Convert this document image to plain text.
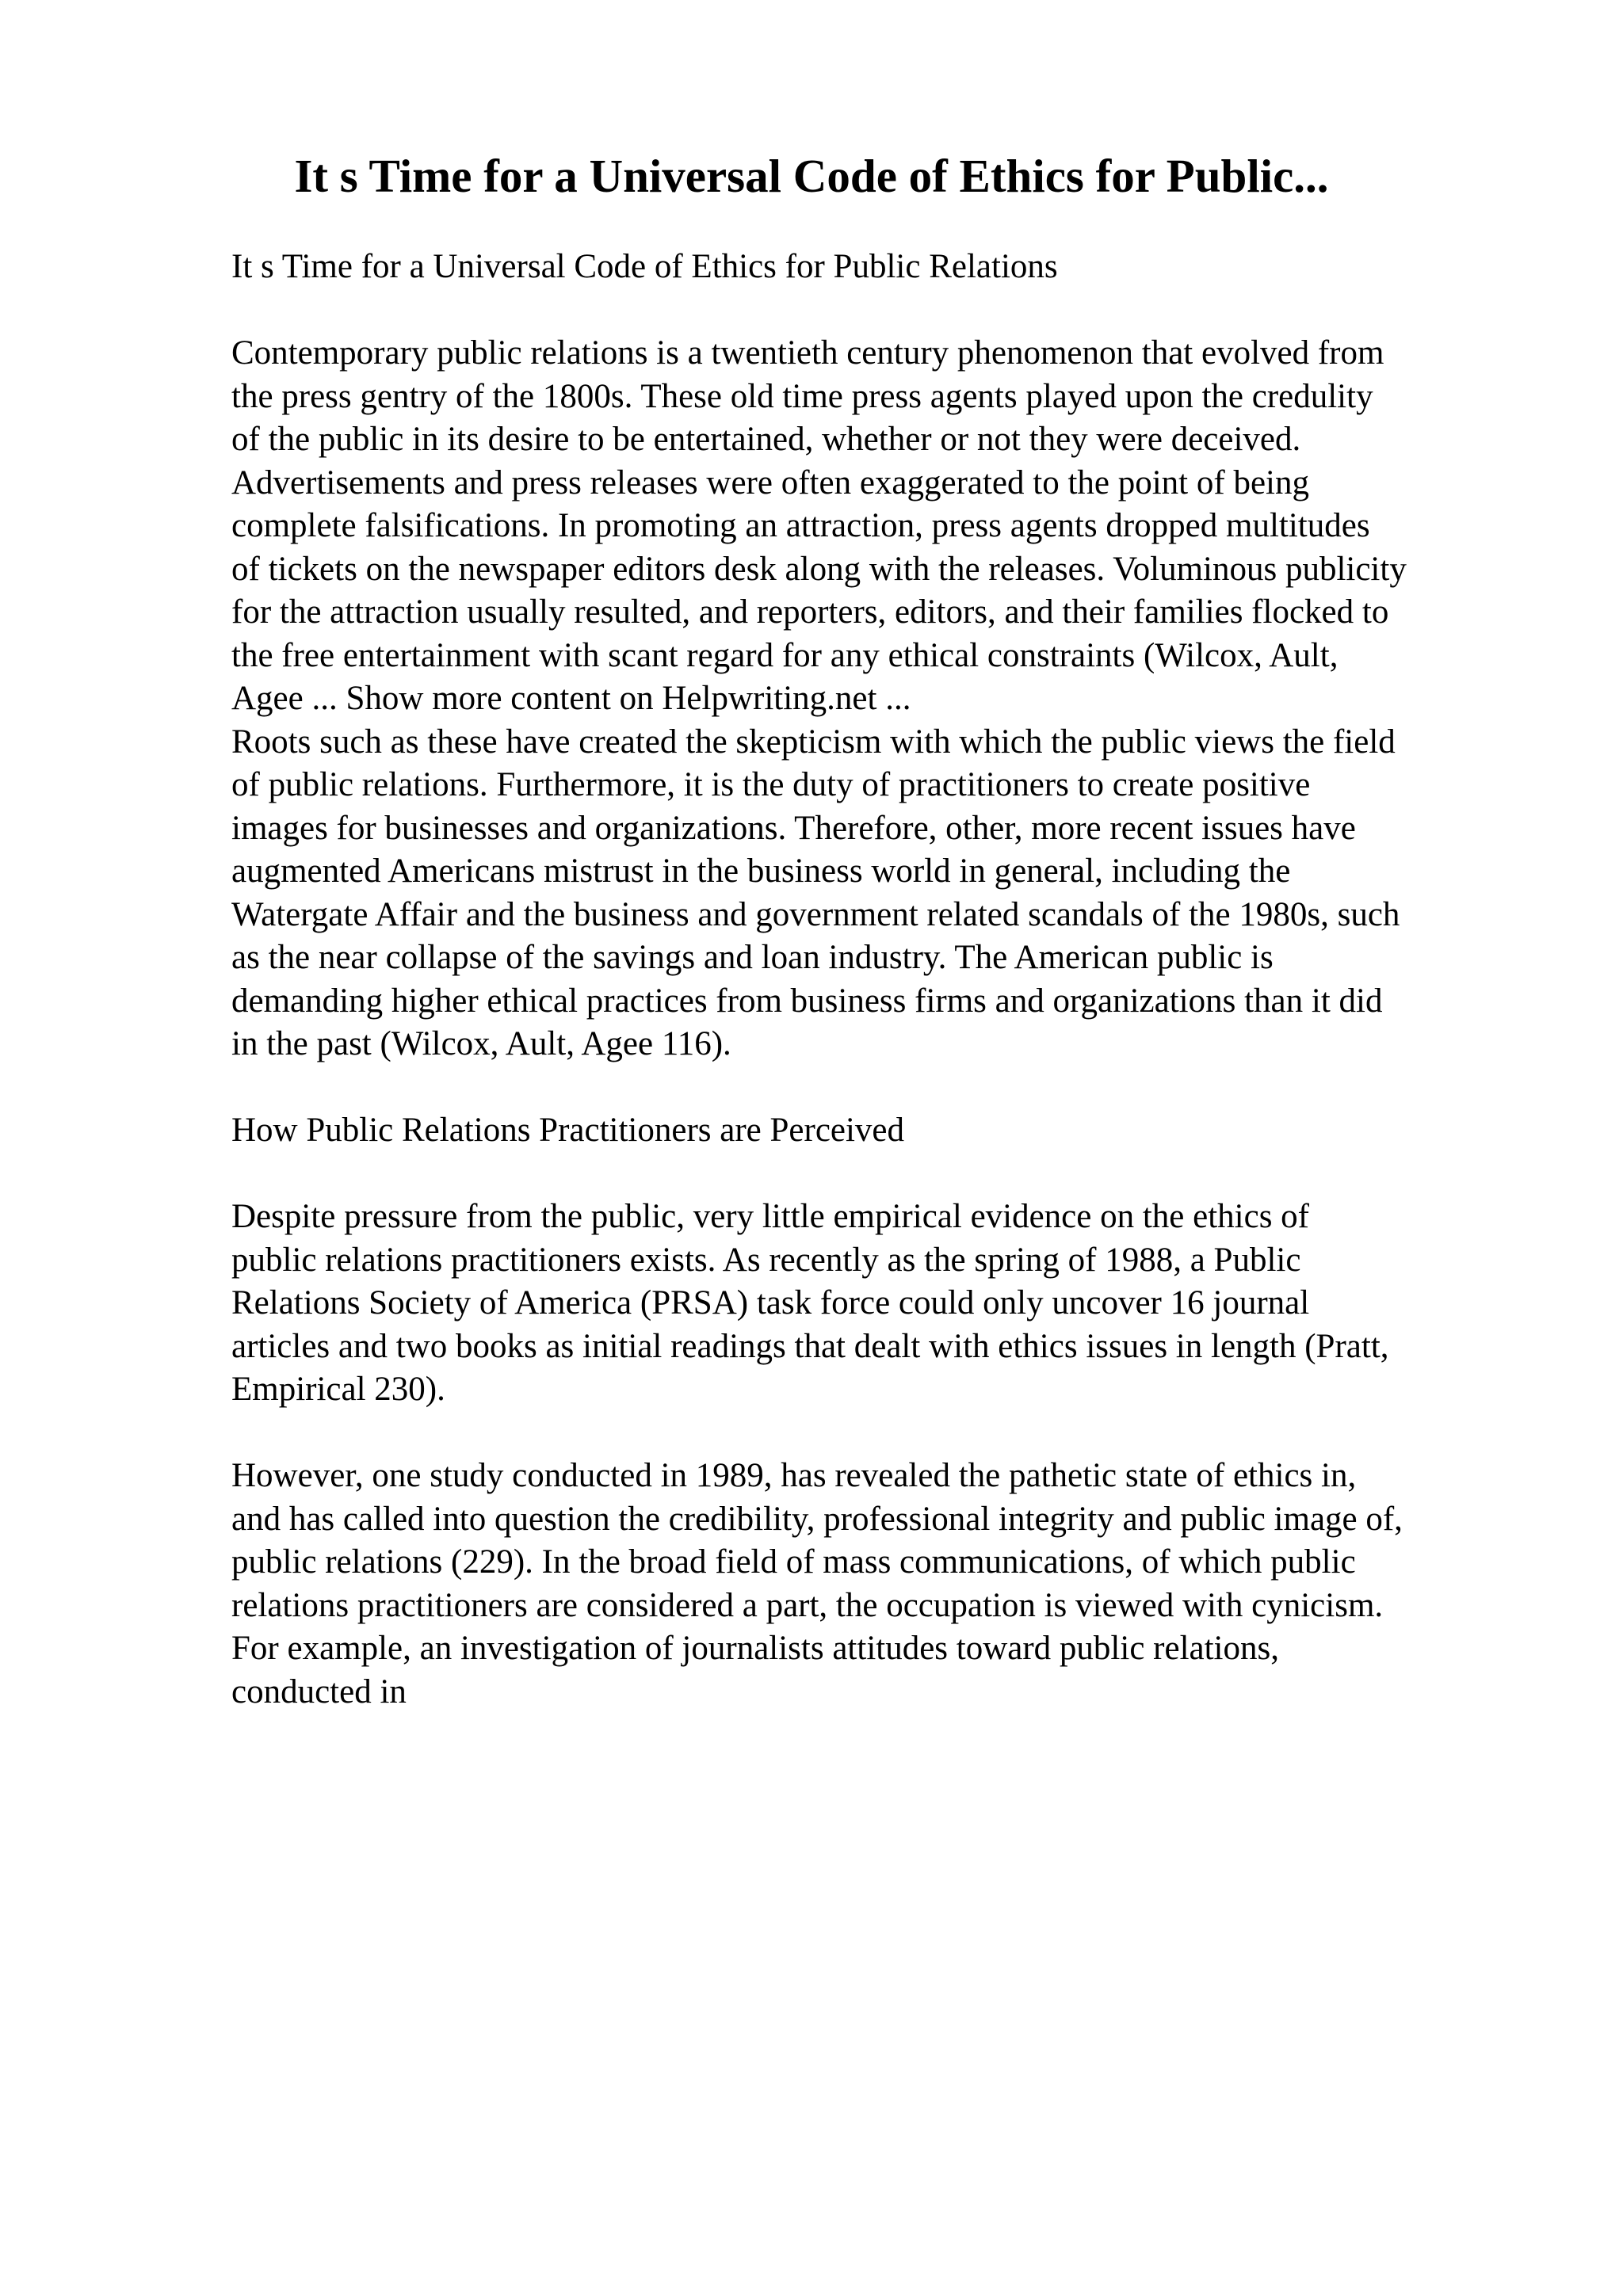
It s Time for a Universal Code of Ethics for Public...

It s Time for a Universal Code of Ethics for Public Relations

Contemporary public relations is a twentieth century phenomenon that evolved from
the press gentry of the 1800s. These old time press agents played upon the credulity
of the public in its desire to be entertained, whether or not they were deceived.
Advertisements and press releases were often exaggerated to the point of being
complete falsifications. In promoting an attraction, press agents dropped multitudes
of tickets on the newspaper editors desk along with the releases. Voluminous publicity
for the attraction usually resulted, and reporters, editors, and their families flocked to
the free entertainment with scant regard for any ethical constraints (Wilcox, Ault,
Agee ... Show more content on Helpwriting.net ...

Roots such as these have created the skepticism with which the public views the field
of public relations. Furthermore, it is the duty of practitioners to create positive
images for businesses and organizations. Therefore, other, more recent issues have
augmented Americans mistrust in the business world in general, including the
Watergate Affair and the business and government related scandals of the 1980s, such
as the near collapse of the savings and loan industry. The American public is
demanding higher ethical practices from business firms and organizations than it did
in the past (Wilcox, Ault, Agee 116).

How Public Relations Practitioners are Perceived

Despite pressure from the public, very little empirical evidence on the ethics of
public relations practitioners exists. As recently as the spring of 1988, a Public
Relations Society of America (PRSA) task force could only uncover 16 journal
articles and two books as initial readings that dealt with ethics issues in length (Pratt,
Empirical 230).

However, one study conducted in 1989, has revealed the pathetic state of ethics in,
and has called into question the credibility, professional integrity and public image of,
public relations (229). In the broad field of mass communications, of which public
relations practitioners are considered a part, the occupation is viewed with cynicism.
For example, an investigation of journalists attitudes toward public relations,
conducted in
